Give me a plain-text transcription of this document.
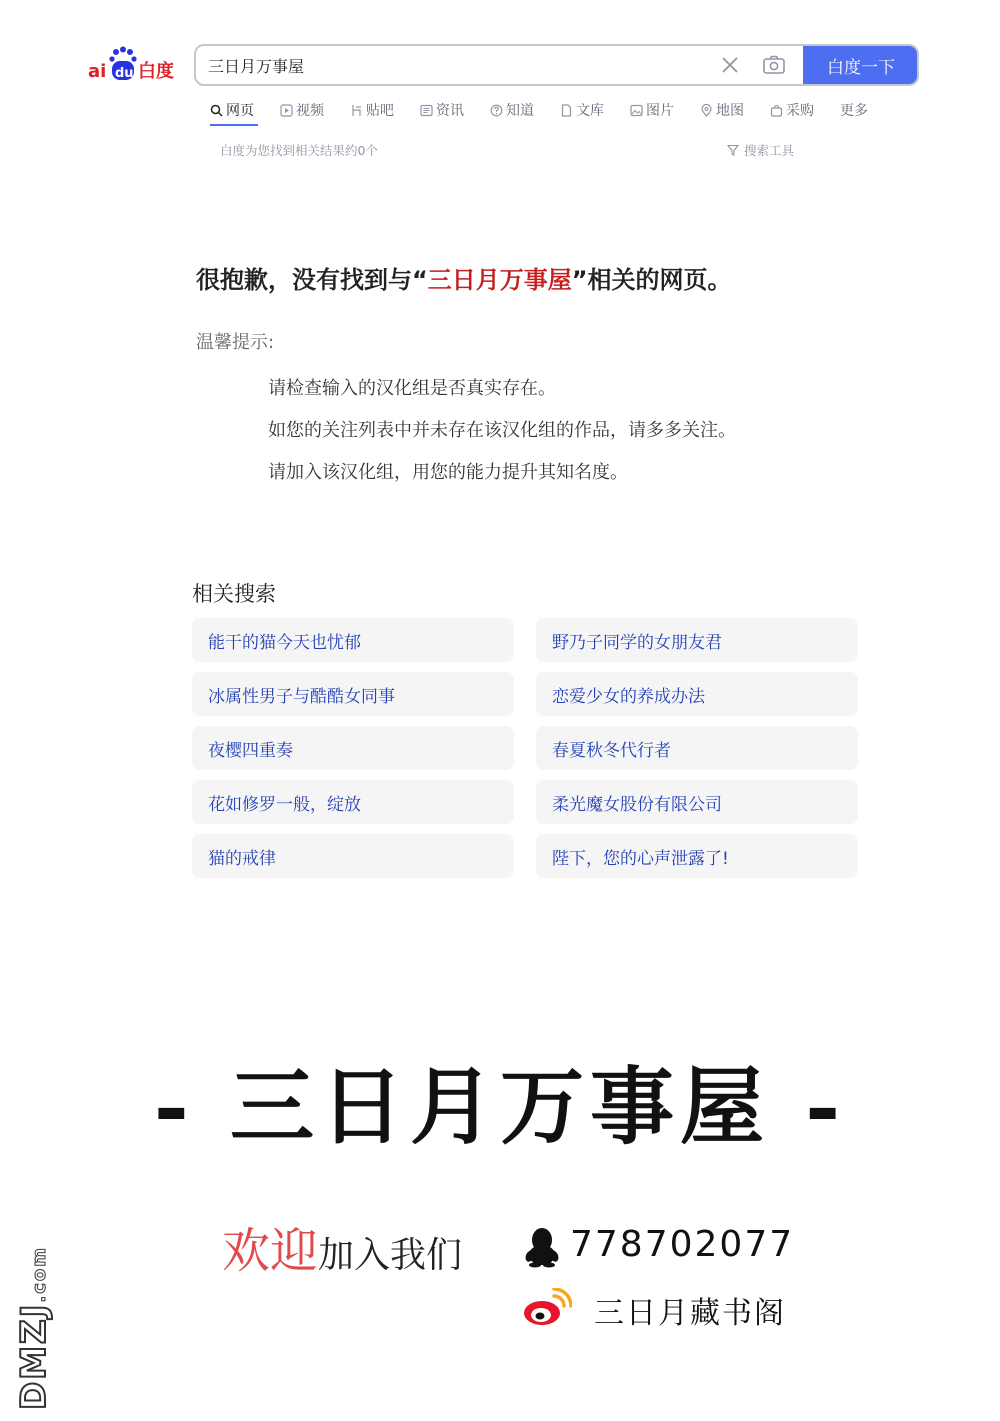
ai du 白度
三日月万事屋	白度一下
网页	视频	贴吧	资讯	知道	文库	图片	地图	采购 更多
白度为您找到相关结果约0个	搜索工具
很抱歉，没有找到与“三日月万事屋”相关的网页。
温馨提示:
请检查输入的汉化组是否真实存在。
如您的关注列表中并未存在该汉化组的作品，请多多关注。
请加入该汉化组，用您的能力提升其知名度。
相关搜索
能干的猫今天也忧郁	野乃子同学的女朋友君
冰属性男子与酷酷女同事	恋爱少女的养成办法
夜樱四重奏	春夏秋冬代行者
花如修罗一般，绽放	柔光魔女股份有限公司
猫的戒律	陛下，您的心声泄露了!
- 三日月万事屋 -
欢迎加入我们	778702077
三日月藏书阁
DMZJ.com
